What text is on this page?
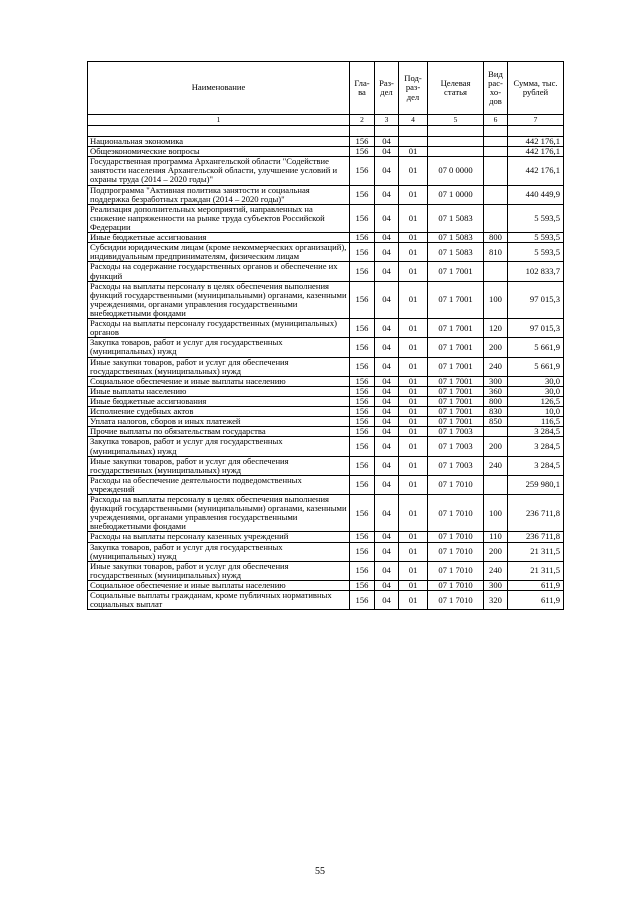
Наименование	Гла-ва	Раз-дел	Под-раз-дел	Целевая статья	Вид рас-хо-дов	Сумма, тыс. рублей
1	2	3	4	5	6	7

Национальная экономика	156	04				442 176,1
Общеэкономические вопросы	156	04	01			442 176,1
Государственная программа Архангельской области "Содействие занятости населения Архангельской области, улучшение условий и охраны труда (2014 – 2020 годы)"	156	04	01	07 0 0000		442 176,1
Подпрограмма "Активная политика занятости и социальная поддержка безработных граждан (2014 – 2020 годы)"	156	04	01	07 1 0000		440 449,9
Реализация дополнительных мероприятий, направленных на снижение напряженности на рынке труда субъектов Российской Федерации	156	04	01	07 1 5083		5 593,5
Иные бюджетные ассигнования	156	04	01	07 1 5083	800	5 593,5
Субсидии юридическим лицам (кроме некоммерческих организаций), индивидуальным предпринимателям, физическим лицам	156	04	01	07 1 5083	810	5 593,5
Расходы на содержание государственных органов и обеспечение их функций	156	04	01	07 1 7001		102 833,7
Расходы на выплаты персоналу в целях обеспечения выполнения функций государственными (муниципальными) органами, казенными учреждениями, органами управления государственными внебюджетными фондами	156	04	01	07 1 7001	100	97 015,3
Расходы на выплаты персоналу государственных (муниципальных) органов	156	04	01	07 1 7001	120	97 015,3
Закупка товаров, работ и услуг для государственных (муниципальных) нужд	156	04	01	07 1 7001	200	5 661,9
Иные закупки товаров, работ и услуг для обеспечения государственных (муниципальных) нужд	156	04	01	07 1 7001	240	5 661,9
Социальное обеспечение и иные выплаты населению	156	04	01	07 1 7001	300	30,0
Иные выплаты населению	156	04	01	07 1 7001	360	30,0
Иные бюджетные ассигнования	156	04	01	07 1 7001	800	126,5
Исполнение судебных актов	156	04	01	07 1 7001	830	10,0
Уплата налогов, сборов и иных платежей	156	04	01	07 1 7001	850	116,5
Прочие выплаты по обязательствам государства	156	04	01	07 1 7003		3 284,5
Закупка товаров, работ и услуг для государственных (муниципальных) нужд	156	04	01	07 1 7003	200	3 284,5
Иные закупки товаров, работ и услуг для обеспечения государственных (муниципальных) нужд	156	04	01	07 1 7003	240	3 284,5
Расходы на обеспечение деятельности подведомственных учреждений	156	04	01	07 1 7010		259 980,1
Расходы на выплаты персоналу в целях обеспечения выполнения функций государственными (муниципальными) органами, казенными учреждениями, органами управления государственными внебюджетными фондами	156	04	01	07 1 7010	100	236 711,8
Расходы на выплаты персоналу казенных учреждений	156	04	01	07 1 7010	110	236 711,8
Закупка товаров, работ и услуг для государственных (муниципальных) нужд	156	04	01	07 1 7010	200	21 311,5
Иные закупки товаров, работ и услуг для обеспечения государственных (муниципальных) нужд	156	04	01	07 1 7010	240	21 311,5
Социальное обеспечение и иные выплаты населению	156	04	01	07 1 7010	300	611,9
Социальные выплаты гражданам, кроме публичных нормативных социальных выплат	156	04	01	07 1 7010	320	611,9
55
